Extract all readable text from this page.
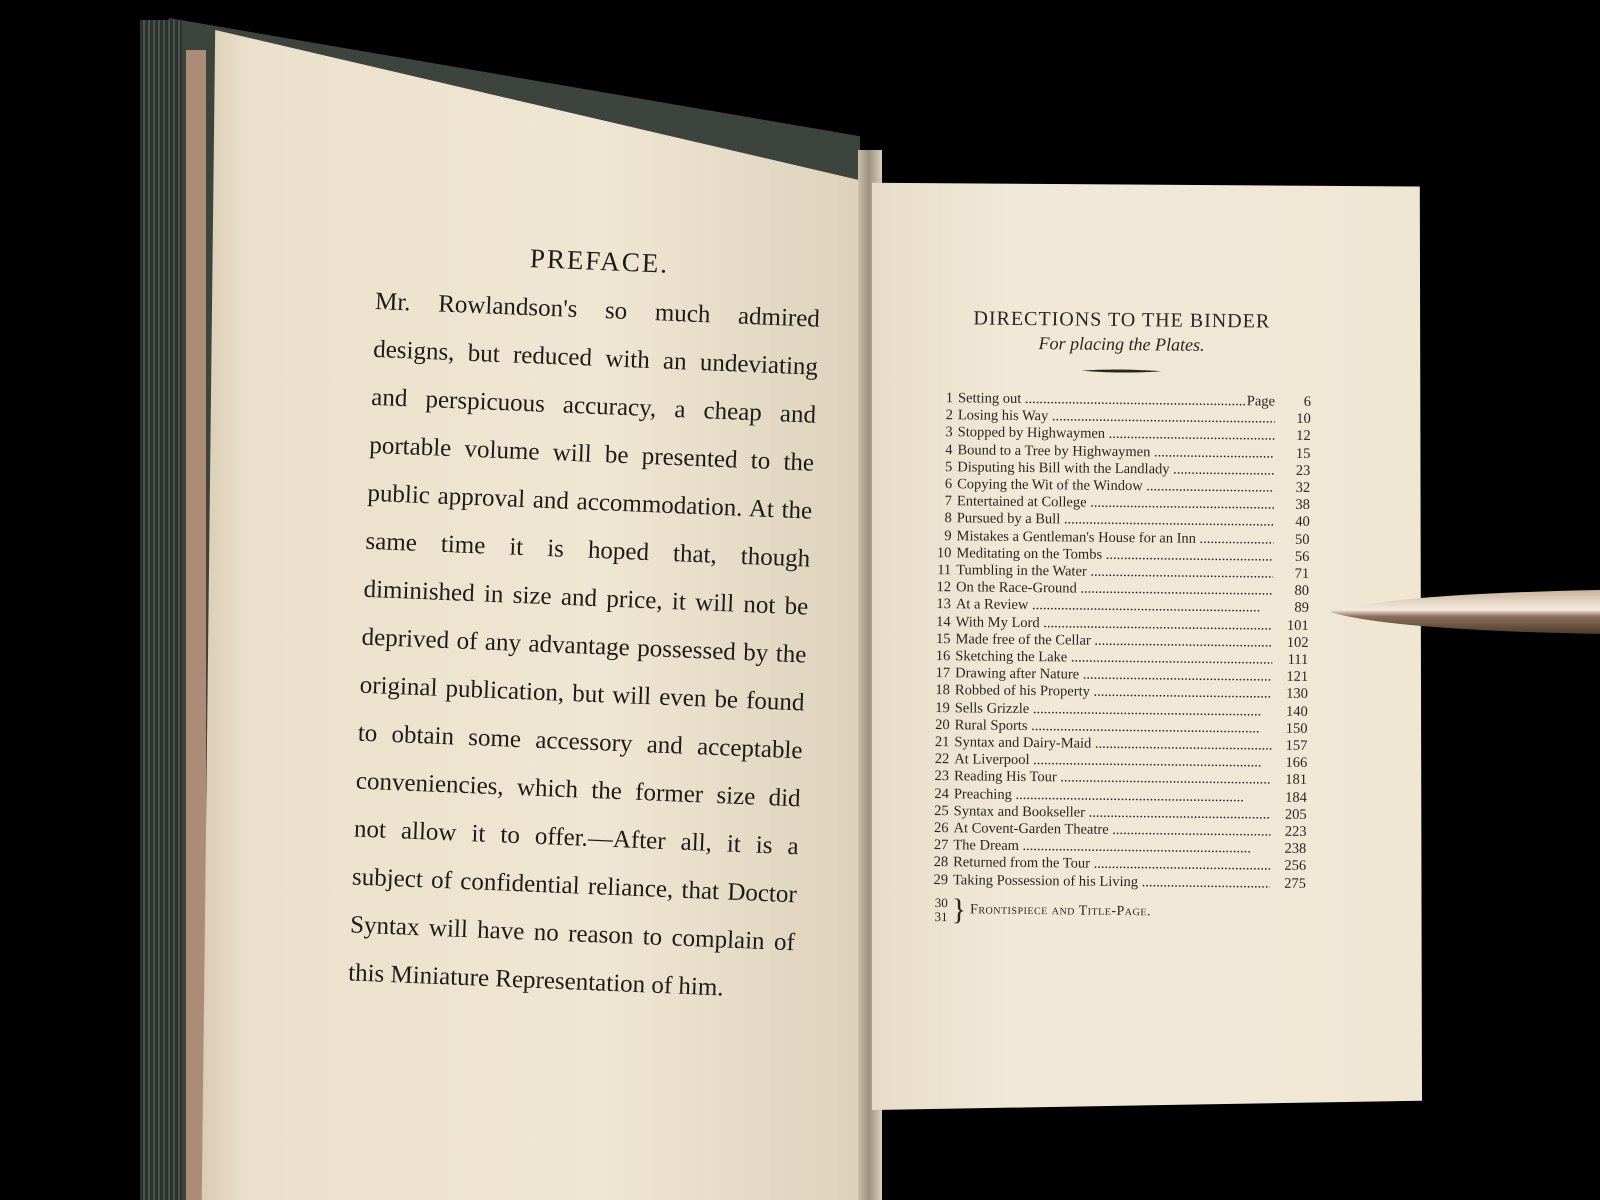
PREFACE.

Mr. Rowlandson's so much admired designs, but reduced with an undeviating and perspicuous accuracy, a cheap and portable volume will be presented to the public approval and accommodation. At the same time it is hoped that, though diminished in size and price, it will not be deprived of any advantage possessed by the original publication, but will even be found to obtain some accessory and acceptable conveniencies, which the former size did not allow it to offer.—After all, it is a subject of confidential reliance, that Doctor Syntax will have no reason to complain of this Miniature Representation of him.

DIRECTIONS TO THE BINDER
For placing the Plates.
1 Setting out .....	Page	6
2 Losing his Way .....	10
3 Stopped by Highwaymen .....	12
4 Bound to a Tree by Highwaymen .....	15
5 Disputing his Bill with the Landlady .....	23
6 Copying the Wit of the Window .....	32
7 Entertained at College .....	38
8 Pursued by a Bull .....	40
9 Mistakes a Gentleman's House for an Inn .....	50
10 Meditating on the Tombs .....	56
11 Tumbling in the Water .....	71
12 On the Race-Ground .....	80
13 At a Review .....	89
14 With My Lord .....	101
15 Made free of the Cellar .....	102
16 Sketching the Lake .....	111
17 Drawing after Nature .....	121
18 Robbed of his Property .....	130
19 Sells Grizzle .....	140
20 Rural Sports .....	150
21 Syntax and Dairy-Maid .....	157
22 At Liverpool .....	166
23 Reading His Tour .....	181
24 Preaching .....	184
25 Syntax and Bookseller .....	205
26 At Covent-Garden Theatre .....	223
27 The Dream .....	238
28 Returned from the Tour .....	256
29 Taking Possession of his Living .....	275
30
31 } Frontispiece and Title-Page.
